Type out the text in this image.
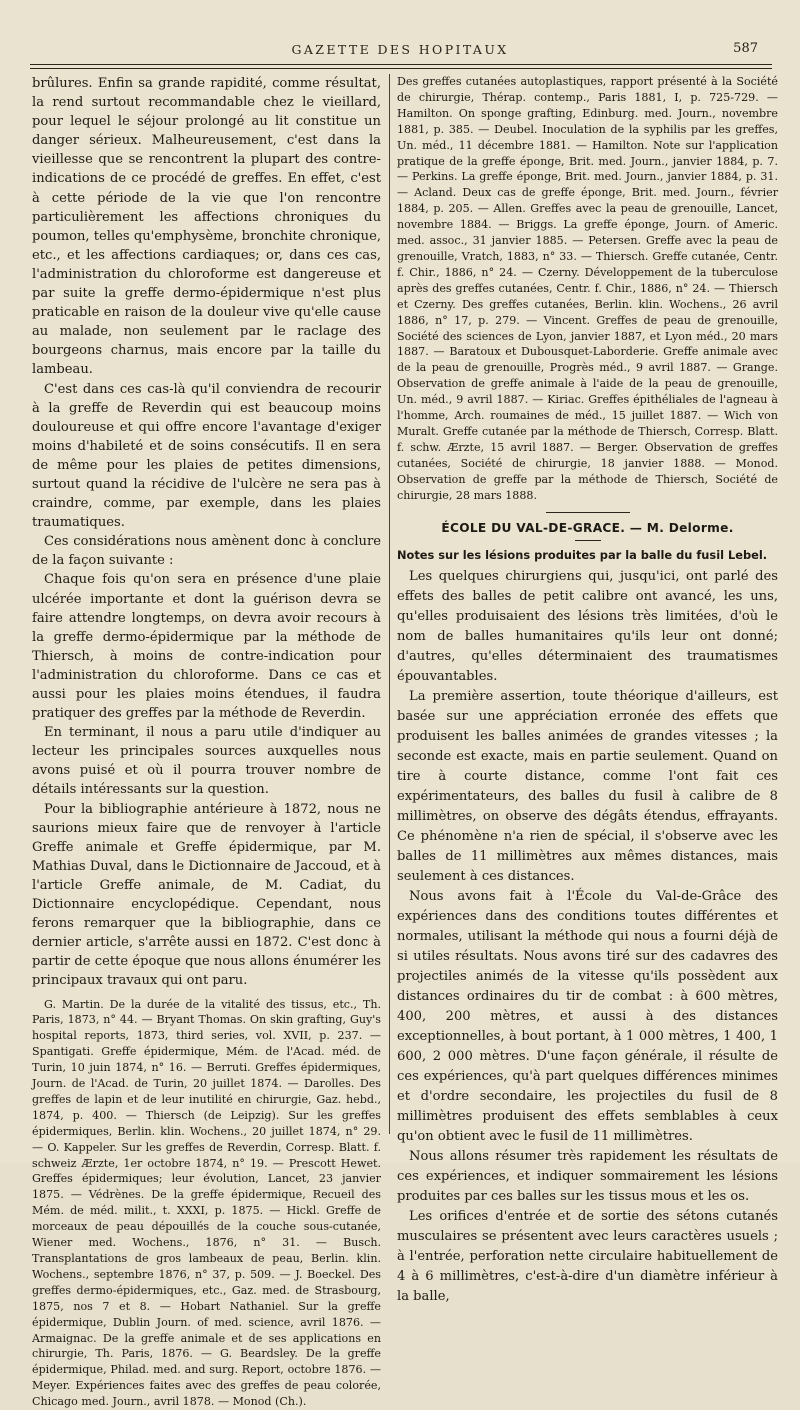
GAZETTE DES HOPITAUX	587

brûlures. Enfin sa grande rapidité, comme résultat, la rend surtout recommandable chez le vieillard, pour lequel le séjour prolongé au lit constitue un danger sérieux. Malheureusement, c'est dans la vieillesse que se rencontrent la plupart des contre-indications de ce procédé de greffes. En effet, c'est à cette période de la vie que l'on rencontre particulièrement les affections chroniques du poumon, telles qu'emphysème, bronchite chronique, etc., et les affections cardiaques; or, dans ces cas, l'administration du chloroforme est dangereuse et par suite la greffe dermo-épidermique n'est plus praticable en raison de la douleur vive qu'elle cause au malade, non seulement par le raclage des bourgeons charnus, mais encore par la taille du lambeau.

C'est dans ces cas-là qu'il conviendra de recourir à la greffe de Reverdin qui est beaucoup moins douloureuse et qui offre encore l'avantage d'exiger moins d'habileté et de soins consécutifs. Il en sera de même pour les plaies de petites dimensions, surtout quand la récidive de l'ulcère ne sera pas à craindre, comme, par exemple, dans les plaies traumatiques.

Ces considérations nous amènent donc à conclure de la façon suivante :

Chaque fois qu'on sera en présence d'une plaie ulcérée importante et dont la guérison devra se faire attendre longtemps, on devra avoir recours à la greffe dermo-épidermique par la méthode de Thiersch, à moins de contre-indication pour l'administration du chloroforme. Dans ce cas et aussi pour les plaies moins étendues, il faudra pratiquer des greffes par la méthode de Reverdin.

En terminant, il nous a paru utile d'indiquer au lecteur les principales sources auxquelles nous avons puisé et où il pourra trouver nombre de détails intéressants sur la question.

Pour la bibliographie antérieure à 1872, nous ne saurions mieux faire que de renvoyer à l'article Greffe animale et Greffe épidermique, par M. Mathias Duval, dans le Dictionnaire de Jaccoud, et à l'article Greffe animale, de M. Cadiat, du Dictionnaire encyclopédique. Cependant, nous ferons remarquer que la bibliographie, dans ce dernier article, s'arrête aussi en 1872. C'est donc à partir de cette époque que nous allons énumérer les principaux travaux qui ont paru.

G. Martin. De la durée de la vitalité des tissus, etc., Th. Paris, 1873, n° 44. — Bryant Thomas. On skin grafting, Guy's hospital reports, 1873, third series, vol. XVII, p. 237. — Spantigati. Greffe épidermique, Mém. de l'Acad. méd. de Turin, 10 juin 1874, n° 16. — Berruti. Greffes épidermiques, Journ. de l'Acad. de Turin, 20 juillet 1874. — Darolles. Des greffes de lapin et de leur inutilité en chirurgie, Gaz. hebd., 1874, p. 400. — Thiersch (de Leipzig). Sur les greffes épidermiques, Berlin. klin. Wochens., 20 juillet 1874, n° 29. — O. Kappeler. Sur les greffes de Reverdin, Corresp. Blatt. f. schweiz Ærzte, 1er octobre 1874, n° 19. — Prescott Hewet. Greffes épidermiques; leur évolution, Lancet, 23 janvier 1875. — Védrènes. De la greffe épidermique, Recueil des Mém. de méd. milit., t. XXXI, p. 1875. — Hickl. Greffe de morceaux de peau dépouillés de la couche sous-cutanée, Wiener med. Wochens., 1876, n° 31. — Busch. Transplantations de gros lambeaux de peau, Berlin. klin. Wochens., septembre 1876, n° 37, p. 509. — J. Boeckel. Des greffes dermo-épidermiques, etc., Gaz. med. de Strasbourg, 1875, nos 7 et 8. — Hobart Nathaniel. Sur la greffe épidermique, Dublin Journ. of med. science, avril 1876. — Armaignac. De la greffe animale et de ses applications en chirurgie, Th. Paris, 1876. — G. Beardsley. De la greffe épidermique, Philad. med. and surg. Report, octobre 1876. — Meyer. Expériences faites avec des greffes de peau colorée, Chicago med. Journ., avril 1878. — Monod (Ch.).

Des greffes cutanées autoplastiques, rapport présenté à la Société de chirurgie, Thérap. contemp., Paris 1881, I, p. 725-729. — Hamilton. On sponge grafting, Edinburg. med. Journ., novembre 1881, p. 385. — Deubel. Inoculation de la syphilis par les greffes, Un. méd., 11 décembre 1881. — Hamilton. Note sur l'application pratique de la greffe éponge, Brit. med. Journ., janvier 1884, p. 7. — Perkins. La greffe éponge, Brit. med. Journ., janvier 1884, p. 31. — Acland. Deux cas de greffe éponge, Brit. med. Journ., février 1884, p. 205. — Allen. Greffes avec la peau de grenouille, Lancet, novembre 1884. — Briggs. La greffe éponge, Journ. of Americ. med. assoc., 31 janvier 1885. — Petersen. Greffe avec la peau de grenouille, Vratch, 1883, n° 33. — Thiersch. Greffe cutanée, Centr. f. Chir., 1886, n° 24. — Czerny. Développement de la tuberculose après des greffes cutanées, Centr. f. Chir., 1886, n° 24. — Thiersch et Czerny. Des greffes cutanées, Berlin. klin. Wochens., 26 avril 1886, n° 17, p. 279. — Vincent. Greffes de peau de grenouille, Société des sciences de Lyon, janvier 1887, et Lyon méd., 20 mars 1887. — Baratoux et Dubousquet-Laborderie. Greffe animale avec de la peau de grenouille, Progrès méd., 9 avril 1887. — Grange. Observation de greffe animale à l'aide de la peau de grenouille, Un. méd., 9 avril 1887. — Kiriac. Greffes épithéliales de l'agneau à l'homme, Arch. roumaines de méd., 15 juillet 1887. — Wich von Muralt. Greffe cutanée par la méthode de Thiersch, Corresp. Blatt. f. schw. Ærzte, 15 avril 1887. — Berger. Observation de greffes cutanées, Société de chirurgie, 18 janvier 1888. — Monod. Observation de greffe par la méthode de Thiersch, Société de chirurgie, 28 mars 1888.

ÉCOLE DU VAL-DE-GRACE. — M. Delorme.
Notes sur les lésions produites par la balle du fusil Lebel.

Les quelques chirurgiens qui, jusqu'ici, ont parlé des effets des balles de petit calibre ont avancé, les uns, qu'elles produisaient des lésions très limitées, d'où le nom de balles humanitaires qu'ils leur ont donné; d'autres, qu'elles déterminaient des traumatismes épouvantables.

La première assertion, toute théorique d'ailleurs, est basée sur une appréciation erronée des effets que produisent les balles animées de grandes vitesses ; la seconde est exacte, mais en partie seulement. Quand on tire à courte distance, comme l'ont fait ces expérimentateurs, des balles du fusil à calibre de 8 millimètres, on observe des dégâts étendus, effrayants. Ce phénomène n'a rien de spécial, il s'observe avec les balles de 11 millimètres aux mêmes distances, mais seulement à ces distances.

Nous avons fait à l'École du Val-de-Grâce des expériences dans des conditions toutes différentes et normales, utilisant la méthode qui nous a fourni déjà de si utiles résultats. Nous avons tiré sur des cadavres des projectiles animés de la vitesse qu'ils possèdent aux distances ordinaires du tir de combat : à 600 mètres, 400, 200 mètres, et aussi à des distances exceptionnelles, à bout portant, à 1 000 mètres, 1 400, 1 600, 2 000 mètres. D'une façon générale, il résulte de ces expériences, qu'à part quelques différences minimes et d'ordre secondaire, les projectiles du fusil de 8 millimètres produisent des effets semblables à ceux qu'on obtient avec le fusil de 11 millimètres.

Nous allons résumer très rapidement les résultats de ces expériences, et indiquer sommairement les lésions produites par ces balles sur les tissus mous et les os.

Les orifices d'entrée et de sortie des sétons cutanés musculaires se présentent avec leurs caractères usuels ; à l'entrée, perforation nette circulaire habituellement de 4 à 6 millimètres, c'est-à-dire d'un diamètre inférieur à la balle,
